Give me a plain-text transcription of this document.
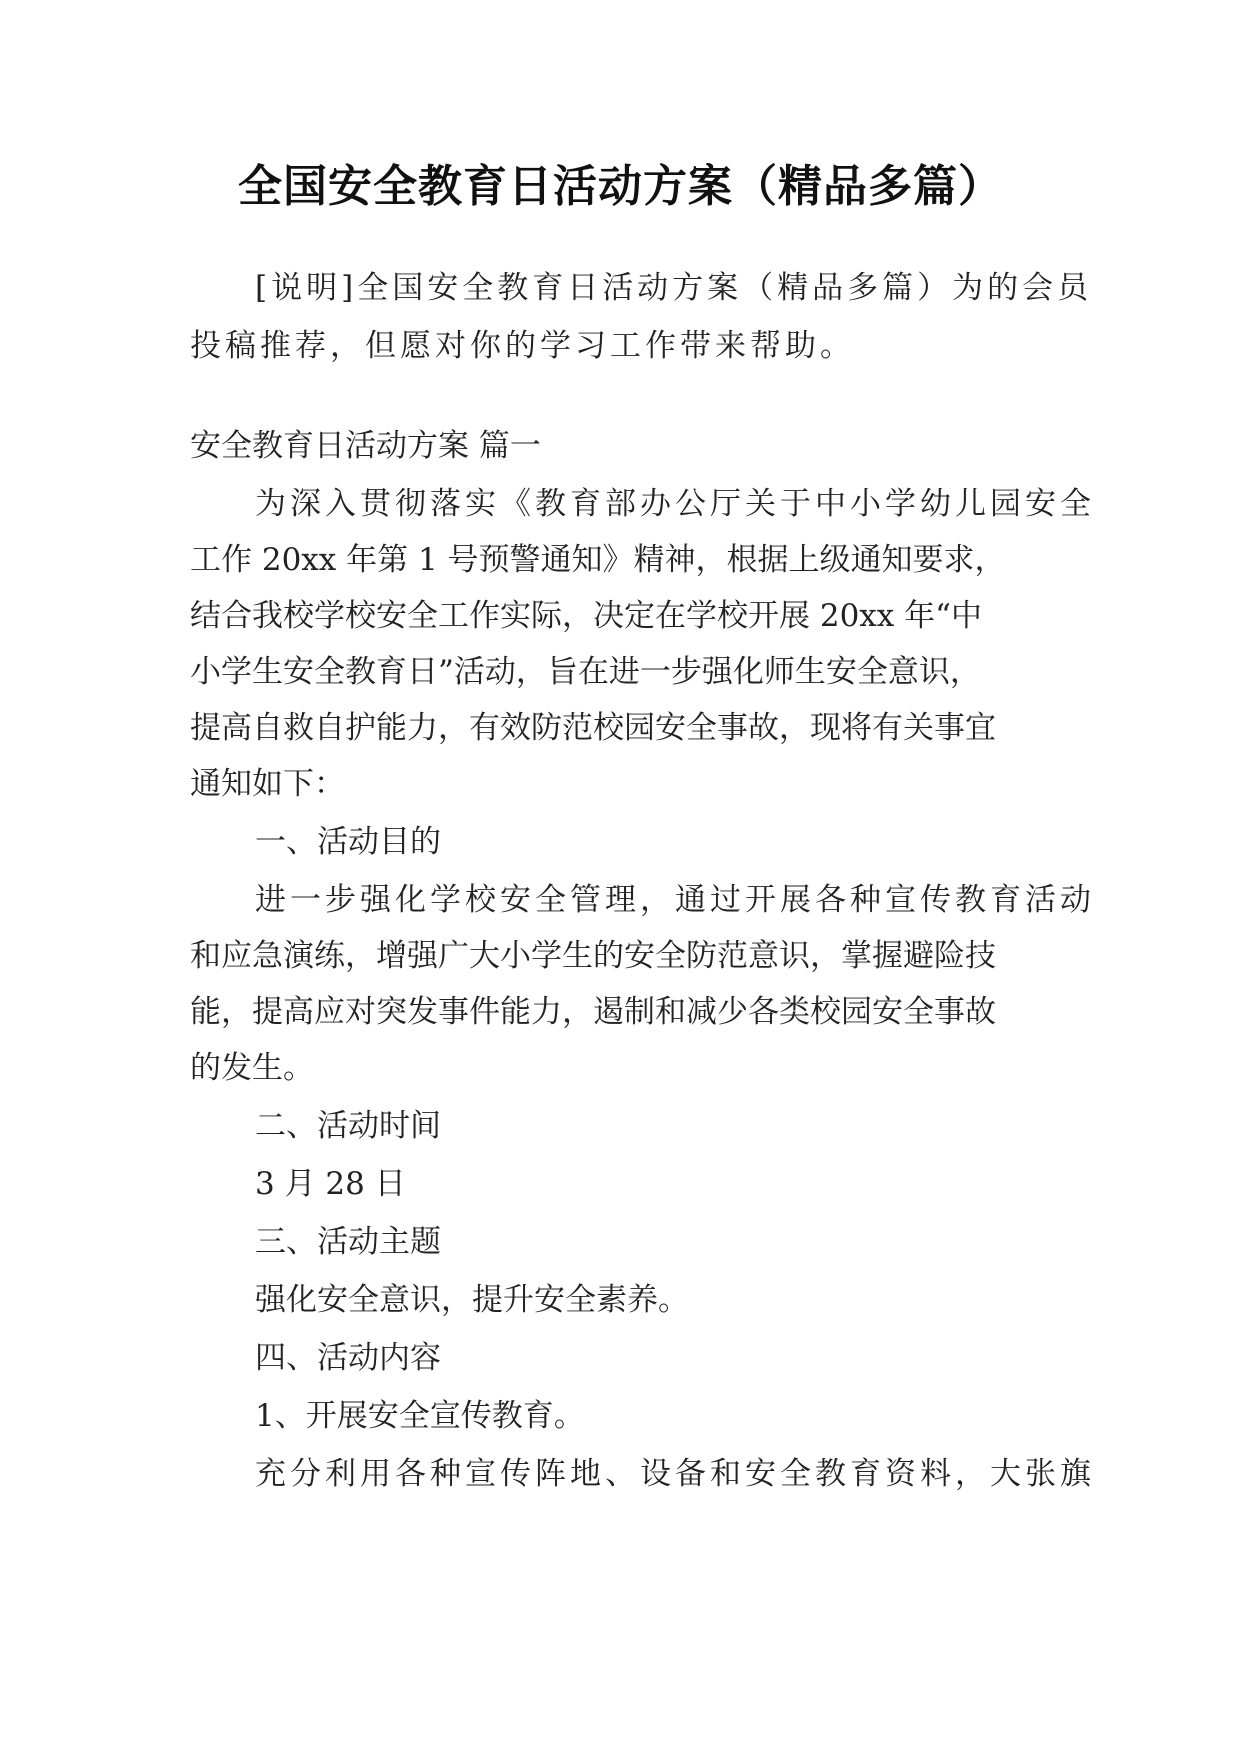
全国安全教育日活动方案（精品多篇）

[说明]全国安全教育日活动方案（精品多篇）为的会员

投稿推荐，但愿对你的学习工作带来帮助。

安全教育日活动方案 篇一

为深入贯彻落实《教育部办公厅关于中小学幼儿园安全

工作 20xx 年第 1 号预警通知》精神，根据上级通知要求，

结合我校学校安全工作实际，决定在学校开展 20xx 年“中

小学生安全教育日”活动，旨在进一步强化师生安全意识，

提高自救自护能力，有效防范校园安全事故，现将有关事宜

通知如下：

一、活动目的

进一步强化学校安全管理，通过开展各种宣传教育活动

和应急演练，增强广大小学生的安全防范意识，掌握避险技

能，提高应对突发事件能力，遏制和减少各类校园安全事故

的发生。

二、活动时间

3 月 28 日

三、活动主题

强化安全意识，提升安全素养。

四、活动内容

1、开展安全宣传教育。

充分利用各种宣传阵地、设备和安全教育资料，大张旗
